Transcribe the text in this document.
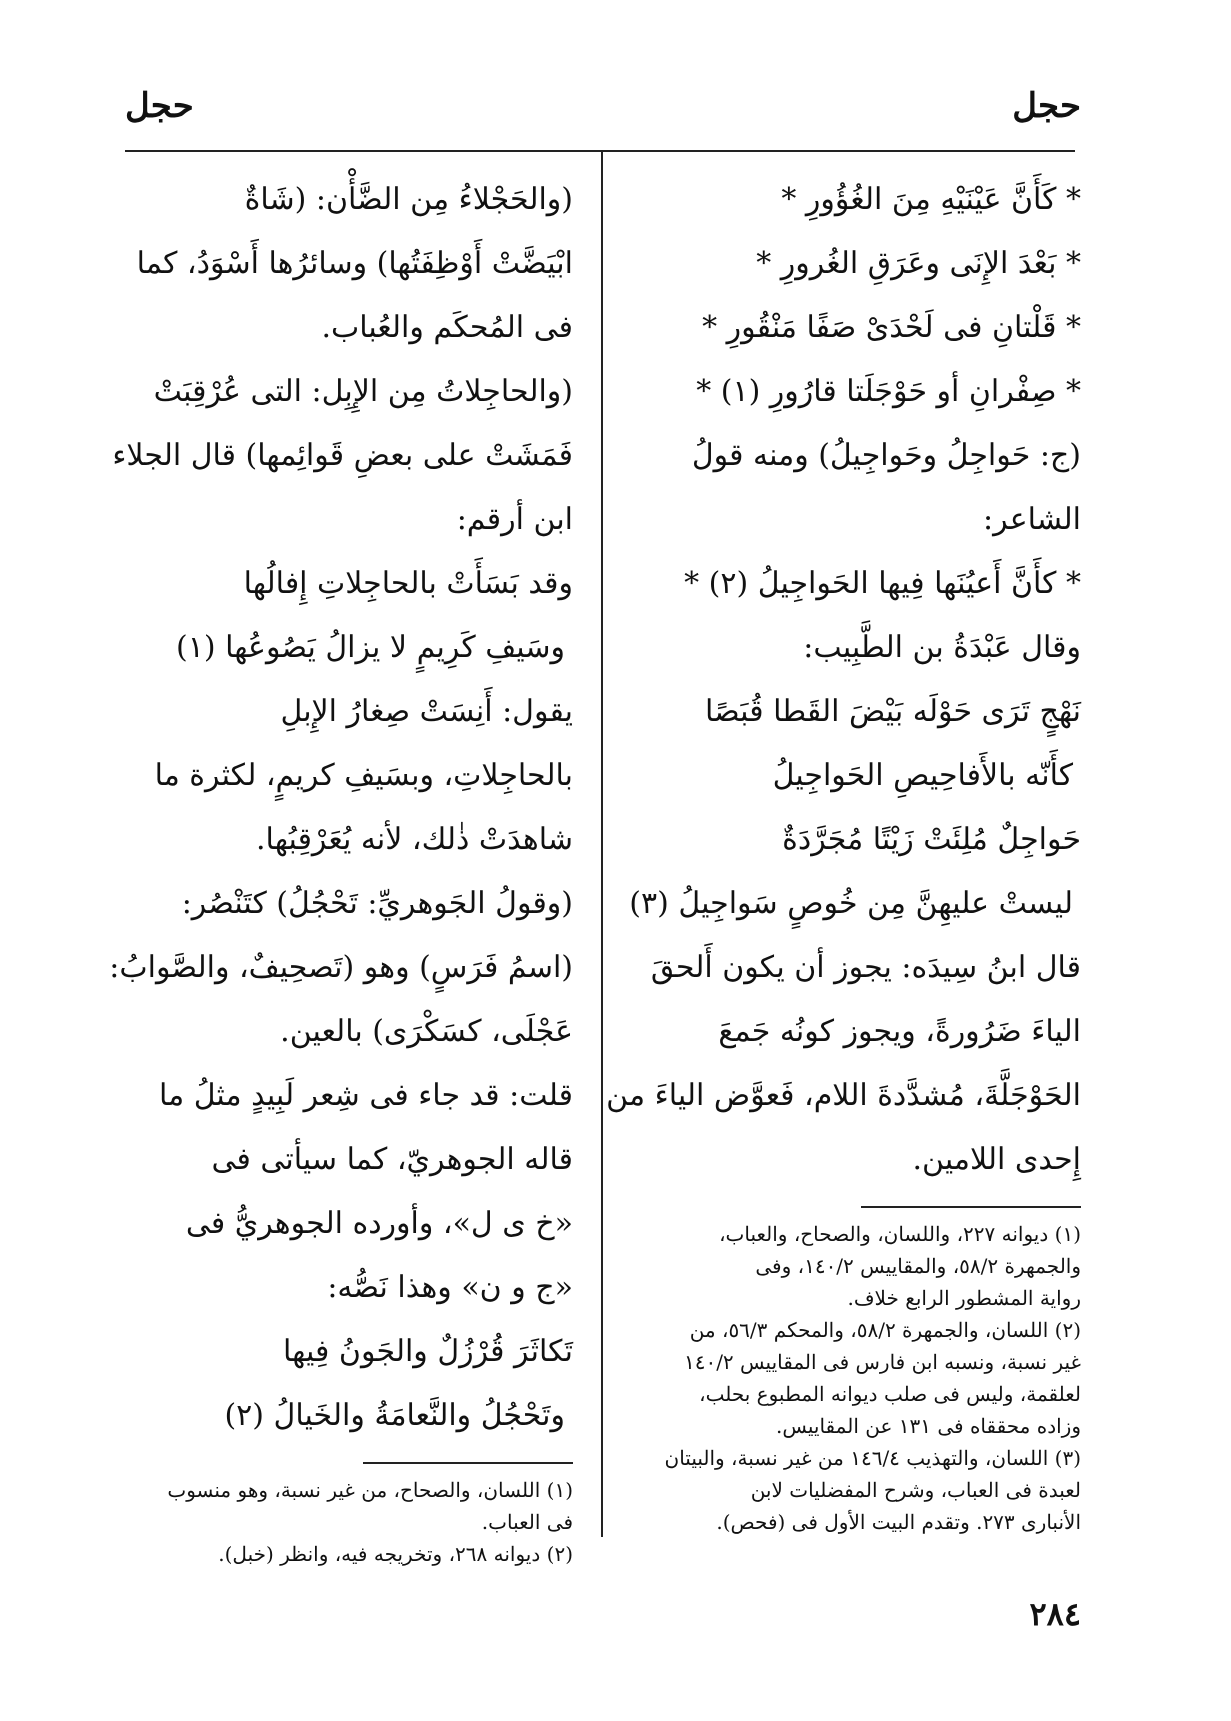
حجل
حجل
* كَأَنَّ عَيْنَيْهِ مِنَ الغُؤُورِ *
* بَعْدَ الإِنَى وعَرَقِ الغُرورِ *
* قَلْتانِ فى لَحْدَىْ صَفًا مَنْقُورِ *
* صِفْرانِ أو حَوْجَلَتا قارُورِ (١) *
(ج: حَواجِلُ وحَواجِيلُ) ومنه قولُ
الشاعر:
* كأَنَّ أَعيُنَها فِيها الحَواجِيلُ (٢) *
وقال عَبْدَةُ بن الطَّبِيب:
نَهْجٍ تَرَى حَوْلَه بَيْضَ القَطا قُبَصًا
كأَنّه بالأَفاحِيصِ الحَواجِيلُ
حَواجِلٌ مُلِئَتْ زَيْتًا مُجَرَّدَةٌ
ليستْ عليهِنَّ مِن خُوصٍ سَواجِيلُ (٣)
قال ابنُ سِيدَه: يجوز أن يكون أَلحقَ
الياءَ ضَرُورةً، ويجوز كونُه جَمعَ
الحَوْجَلَّةَ، مُشدَّدةَ اللام، فَعوَّض الياءَ من
إِحدى اللامين.
(١) ديوانه ٢٢٧، واللسان، والصحاح، والعباب،
والجمهرة ٥٨/٢، والمقاييس ١٤٠/٢، وفى
رواية المشطور الرابع خلاف.
(٢) اللسان، والجمهرة ٥٨/٢، والمحكم ٥٦/٣، من
غير نسبة، ونسبه ابن فارس فى المقاييس ١٤٠/٢
لعلقمة، وليس فى صلب ديوانه المطبوع بحلب،
وزاده محققاه فى ١٣١ عن المقاييس.
(٣) اللسان، والتهذيب ١٤٦/٤ من غير نسبة، والبيتان
لعبدة فى العباب، وشرح المفضليات لابن
الأنبارى ٢٧٣. وتقدم البيت الأول فى (فحص).
(والحَجْلاءُ مِن الضَّأْن: (شَاةٌ
ابْيَضَّتْ أَوْظِفَتُها) وسائرُها أَسْوَدُ، كما
فى المُحكَم والعُباب.
(والحاجِلاتُ مِن الإِبِل: التى عُرْقِبَتْ
فَمَشَتْ على بعضِ قَوائِمها) قال الجلاء
ابن أرقم:
وقد بَسَأَتْ بالحاجِلاتِ إِفالُها
وسَيفِ كَرِيمٍ لا يزالُ يَصُوعُها (١)
يقول: أَنِسَتْ صِغارُ الإِبلِ
بالحاجِلاتِ، وبسَيفِ كريمٍ، لكثرة ما
شاهدَتْ ذٰلك، لأنه يُعَرْقِبُها.
(وقولُ الجَوهريِّ: تَحْجُلُ) كتَنْصُر:
(اسمُ فَرَسٍ) وهو (تَصحِيفٌ، والصَّوابُ:
عَجْلَى، كسَكْرَى) بالعين.
قلت: قد جاء فى شِعر لَبِيدٍ مثلُ ما
قاله الجوهريّ، كما سيأتى فى
«خ ى ل»، وأورده الجوهريُّ فى
«ج و ن» وهذا نَصُّه:
تَكاثَرَ قُرْزُلٌ والجَونُ فِيها
وتَحْجُلُ والنَّعامَةُ والخَيالُ (٢)
(١) اللسان، والصحاح، من غير نسبة، وهو منسوب
فى العباب.
(٢) ديوانه ٢٦٨، وتخريجه فيه، وانظر (خبل).
٢٨٤
